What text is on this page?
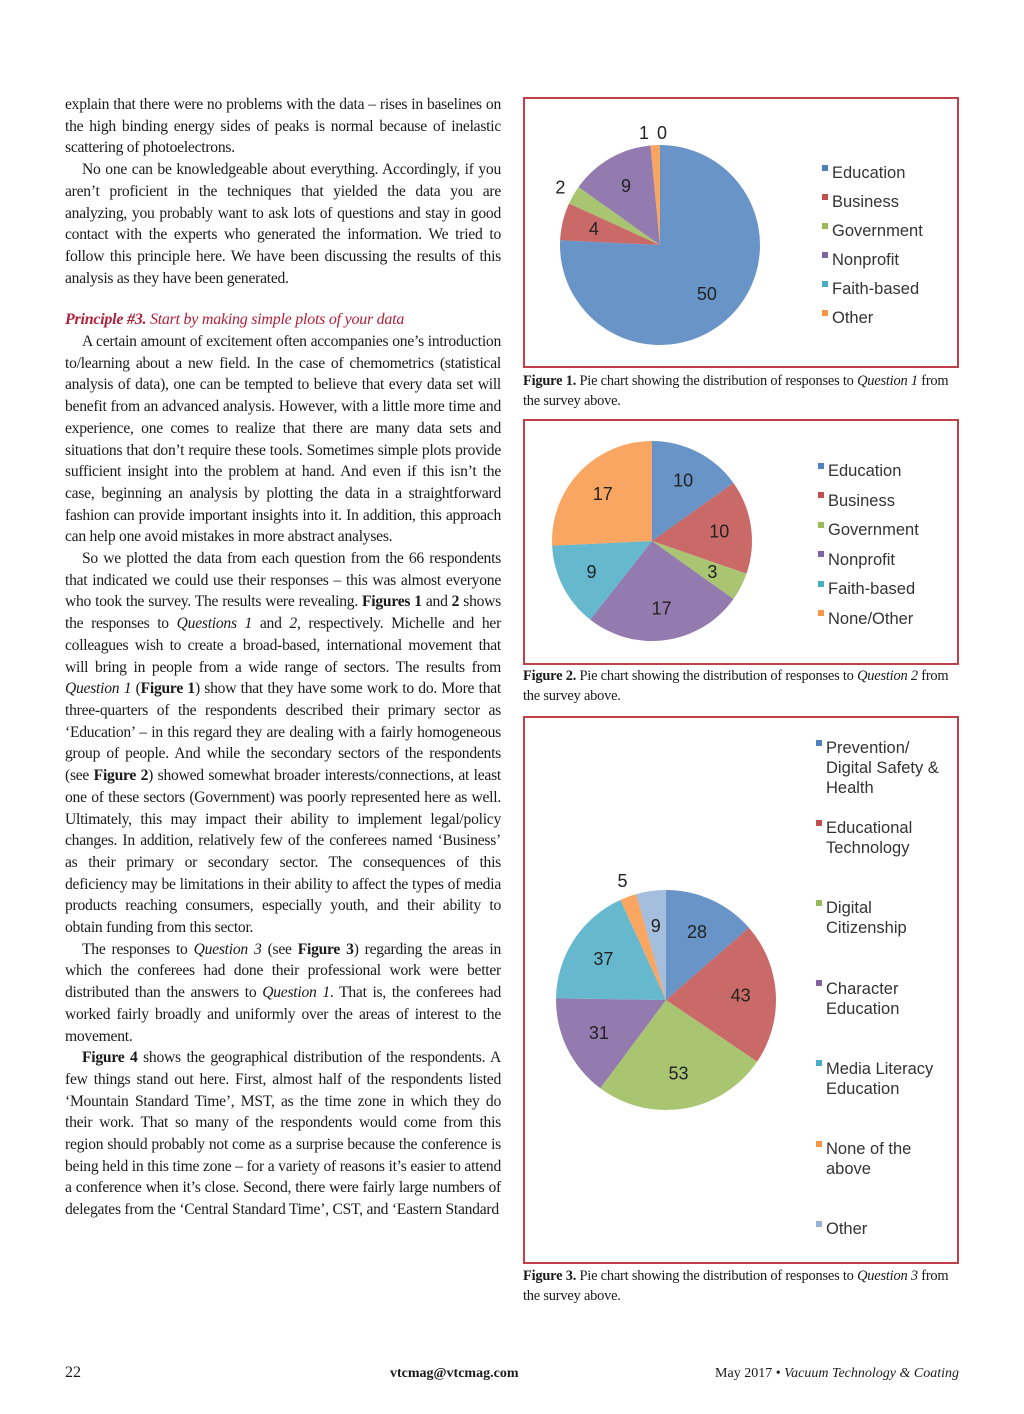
explain that there were no problems with the data – rises in baselines on the high binding energy sides of peaks is normal because of inelastic scattering of photoelectrons.

No one can be knowledgeable about everything. Accordingly, if you aren’t proficient in the techniques that yielded the data you are analyzing, you probably want to ask lots of questions and stay in good contact with the experts who generated the information. We tried to follow this principle here. We have been discussing the results of this analysis as they have been generated.

Principle #3. Start by making simple plots of your data

A certain amount of excitement often accompanies one’s introduction to/learning about a new field. In the case of chemometrics (statistical analysis of data), one can be tempted to believe that every data set will benefit from an advanced analysis. However, with a little more time and experience, one comes to realize that there are many data sets and situations that don’t require these tools. Sometimes simple plots provide sufficient insight into the problem at hand. And even if this isn’t the case, beginning an analysis by plotting the data in a straightforward fashion can provide important insights into it. In addition, this approach can help one avoid mistakes in more abstract analyses.

So we plotted the data from each question from the 66 respondents that indicated we could use their responses – this was almost everyone who took the survey. The results were revealing. Figures 1 and 2 shows the responses to Questions 1 and 2, respectively. Michelle and her colleagues wish to create a broad-based, international movement that will bring in people from a wide range of sectors. The results from Question 1 (Figure 1) show that they have some work to do. More that three-quarters of the respondents described their primary sector as ‘Education’ – in this regard they are dealing with a fairly homogeneous group of people. And while the secondary sectors of the respondents (see Figure 2) showed somewhat broader interests/connections, at least one of these sectors (Government) was poorly represented here as well. Ultimately, this may impact their ability to implement legal/policy changes. In addition, relatively few of the conferees named ‘Business’ as their primary or secondary sector. The consequences of this deficiency may be limitations in their ability to affect the types of media products reaching consumers, especially youth, and their ability to obtain funding from this sector.

The responses to Question 3 (see Figure 3) regarding the areas in which the conferees had done their professional work were better distributed than the answers to Question 1. That is, the conferees had worked fairly broadly and uniformly over the areas of interest to the movement.

Figure 4 shows the geographical distribution of the respondents. A few things stand out here. First, almost half of the respondents listed ‘Mountain Standard Time’, MST, as the time zone in which they do their work. That so many of the respondents would come from this region should probably not come as a surprise because the conference is being held in this time zone – for a variety of reasons it’s easier to attend a conference when it’s close. Second, there were fairly large numbers of delegates from the ‘Central Standard Time’, CST, and ‘Eastern Standard

50
4
2	9
0
1
Education
Business
Government
Nonprofit
Faith-based
Other
Figure 1. Pie chart showing the distribution of responses to Question 1 from the survey above.
10
10
3
17
9
17
Education
Business
Government
Nonprofit
Faith-based
None/Other
Figure 2. Pie chart showing the distribution of responses to Question 2 from the survey above.
28
43
53
31
37
5
9
Prevention/
Digital Safety &
Health
Educational
Technology
Digital
Citizenship
Character
Education
Media Literacy
Education
None of the
above
Other
Figure 3. Pie chart showing the distribution of responses to Question 3 from the survey above.
22	vtcmag@vtcmag.com	May 2017 • Vacuum Technology & Coating
